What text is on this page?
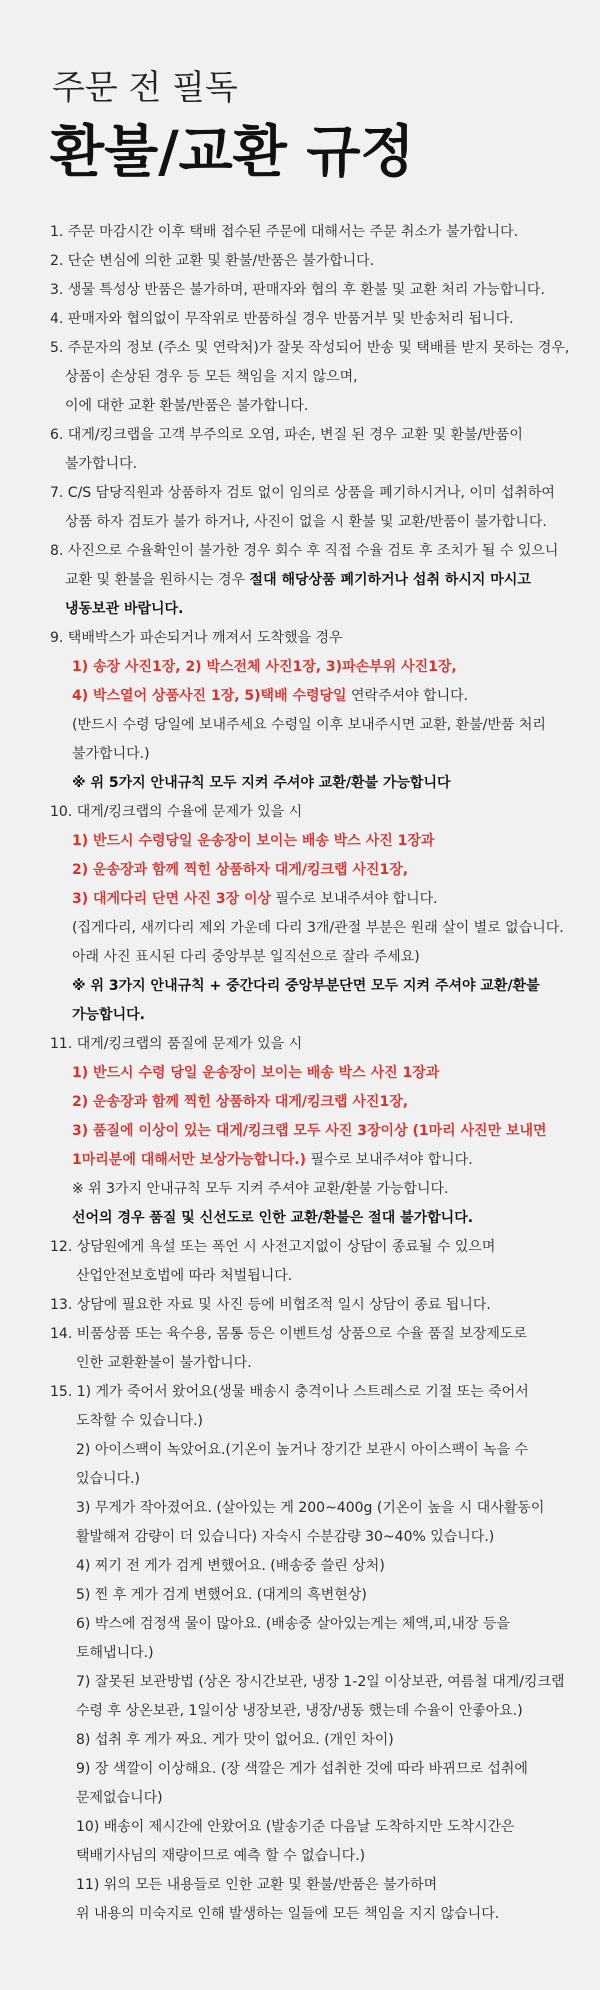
주문 전 필독
환불/교환 규정
1. 주문 마감시간 이후 택배 접수된 주문에 대해서는 주문 취소가 불가합니다.
2. 단순 변심에 의한 교환 및 환불/반품은 불가합니다.
3. 생물 특성상 반품은 불가하며, 판매자와 협의 후 환불 및 교환 처리 가능합니다.
4. 판매자와 협의없이 무작위로 반품하실 경우 반품거부 및 반송처리 됩니다.
5. 주문자의 정보 (주소 및 연락처)가 잘못 작성되어 반송 및 택배를 받지 못하는 경우,
상품이 손상된 경우 등 모든 책임을 지지 않으며,
이에 대한 교환 환불/반품은 불가합니다.
6. 대게/킹크랩을 고객 부주의로 오염, 파손, 변질 된 경우 교환 및 환불/반품이
불가합니다.
7. C/S 담당직원과 상품하자 검토 없이 임의로 상품을 폐기하시거나, 이미 섭취하여
상품 하자 검토가 불가 하거나, 사진이 없을 시 환불 및 교환/반품이 불가합니다.
8. 사진으로 수율확인이 불가한 경우 회수 후 직접 수율 검토 후 조치가 될 수 있으니
교환 및 환불을 원하시는 경우 절대 해당상품 폐기하거나 섭취 하시지 마시고
냉동보관 바랍니다.
9. 택배박스가 파손되거나 깨져서 도착했을 경우
1) 송장 사진1장, 2) 박스전체 사진1장, 3)파손부위 사진1장,
4) 박스열어 상품사진 1장, 5)택배 수령당일 연락주셔야 합니다.
(반드시 수령 당일에 보내주세요 수령일 이후 보내주시면 교환, 환불/반품 처리
불가합니다.)
※ 위 5가지 안내규칙 모두 지켜 주셔야 교환/환불 가능합니다
10. 대게/킹크랩의 수율에 문제가 있을 시
1) 반드시 수령당일 운송장이 보이는 배송 박스 사진 1장과
2) 운송장과 함께 찍힌 상품하자 대게/킹크랩 사진1장,
3) 대게다리 단면 사진 3장 이상 필수로 보내주셔야 합니다.
(집게다리, 새끼다리 제외 가운데 다리 3개/관절 부분은 원래 살이 별로 없습니다.
아래 사진 표시된 다리 중앙부분 일직선으로 잘라 주세요)
※ 위 3가지 안내규칙 + 중간다리 중앙부분단면 모두 지켜 주셔야 교환/환불
가능합니다.
11. 대게/킹크랩의 품질에 문제가 있을 시
1) 반드시 수령 당일 운송장이 보이는 배송 박스 사진 1장과
2) 운송장과 함께 찍힌 상품하자 대게/킹크랩 사진1장,
3) 품질에 이상이 있는 대게/킹크랩 모두 사진 3장이상 (1마리 사진만 보내면
1마리분에 대해서만 보상가능합니다.) 필수로 보내주셔야 합니다.
※ 위 3가지 안내규칙 모두 지켜 주셔야 교환/환불 가능합니다.
선어의 경우 품질 및 신선도로 인한 교환/환불은 절대 불가합니다.
12. 상담원에게 욕설 또는 폭언 시 사전고지없이 상담이 종료될 수 있으며
산업안전보호법에 따라 처벌됩니다.
13. 상담에 필요한 자료 및 사진 등에 비협조적 일시 상담이 종료 됩니다.
14. 비품상품 또는 육수용, 몸통 등은 이벤트성 상품으로 수율 품질 보장제도로
인한 교환환불이 불가합니다.
15. 1) 게가 죽어서 왔어요(생물 배송시 충격이나 스트레스로 기절 또는 죽어서
도착할 수 있습니다.)
2) 아이스팩이 녹았어요.(기온이 높거나 장기간 보관시 아이스팩이 녹을 수
있습니다.)
3) 무게가 작아졌어요. (살아있는 게 200~400g (기온이 높을 시 대사활동이
활발해져 감량이 더 있습니다) 자숙시 수분감량 30~40% 있습니다.)
4) 찌기 전 게가 검게 변했어요. (배송중 쓸린 상처)
5) 찐 후 게가 검게 변했어요. (대게의 흑변현상)
6) 박스에 검정색 물이 많아요. (배송중 살아있는게는 체액,피,내장 등을
토해냅니다.)
7) 잘못된 보관방법 (상온 장시간보관, 냉장 1-2일 이상보관, 여름철 대게/킹크랩
수령 후 상온보관, 1일이상 냉장보관, 냉장/냉동 했는데 수율이 안좋아요.)
8) 섭취 후 게가 짜요. 게가 맛이 없어요. (개인 차이)
9) 장 색깔이 이상해요. (장 색깔은 게가 섭취한 것에 따라 바뀌므로 섭취에
문제없습니다)
10) 배송이 제시간에 안왔어요 (발송기준 다음날 도착하지만 도착시간은
택배기사님의 재량이므로 예측 할 수 없습니다.)
11) 위의 모든 내용들로 인한 교환 및 환불/반품은 불가하며
위 내용의 미숙지로 인해 발생하는 일들에 모든 책임을 지지 않습니다.
